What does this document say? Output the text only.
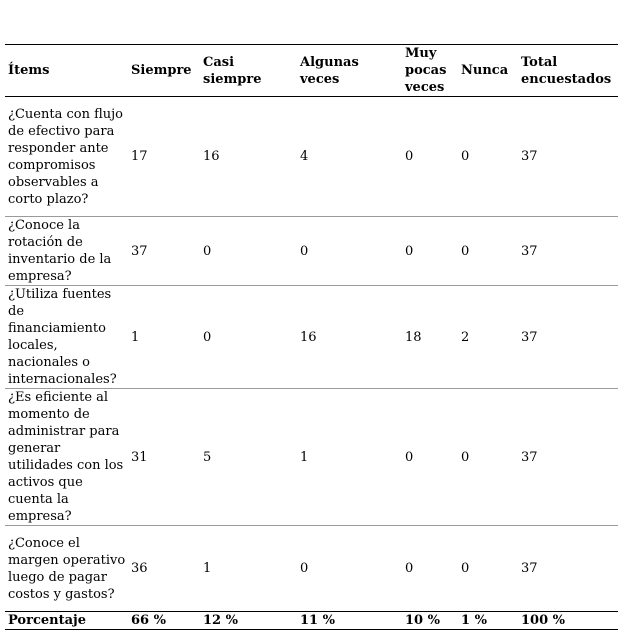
Ítems	Siempre	Casi siempre	Algunas veces	Muy pocas veces	Nunca	Total encuestados
¿Cuenta con flujo de efectivo para responder ante compromisos observables a corto plazo?	17	16	4	0	0	37
¿Conoce la rotación de inventario de la empresa?	37	0	0	0	0	37
¿Utiliza fuentes de financiamiento locales, nacionales o internacionales?	1	0	16	18	2	37
¿Es eficiente al momento de administrar para generar utilidades con los activos que cuenta la empresa?	31	5	1	0	0	37
¿Conoce el margen operativo luego de pagar costos y gastos?	36	1	0	0	0	37
Porcentaje	66 %	12 %	11 %	10 %	1 %	100 %
